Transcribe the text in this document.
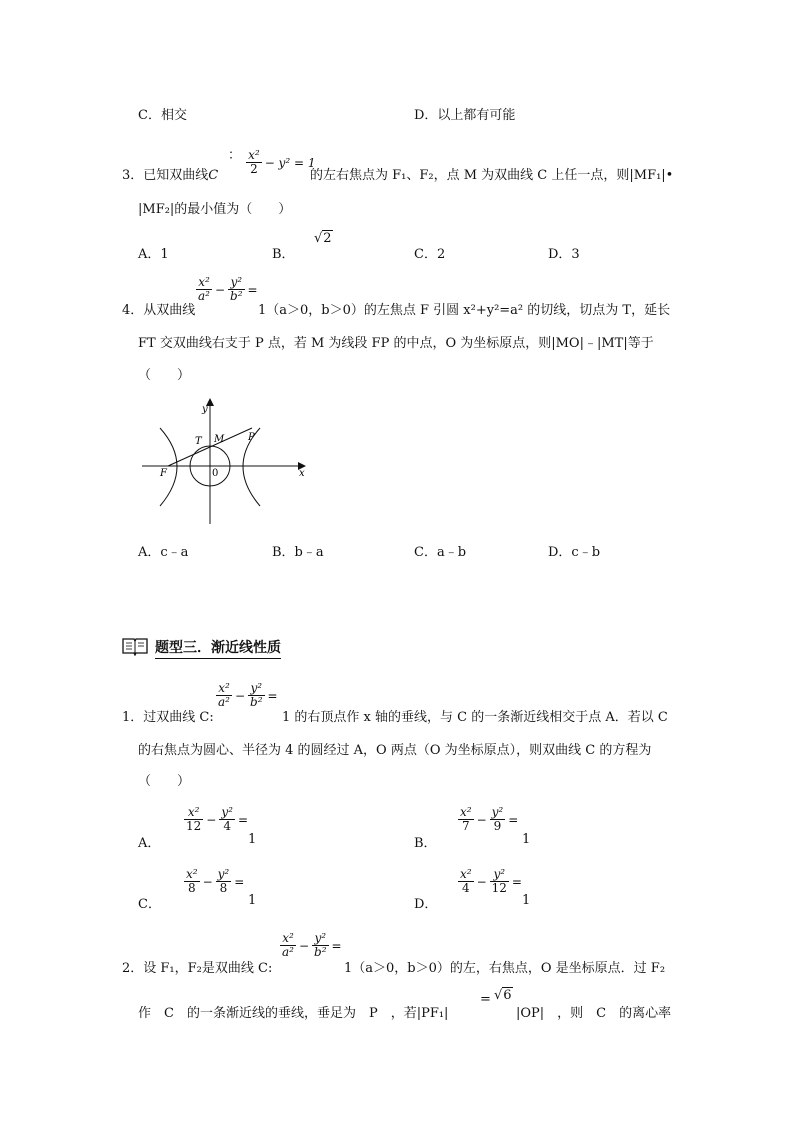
C．相交	D．以上都有可能
3．已知双曲线C
： $\frac{\text{x²}}{2} - y^2 = 1$
的左右焦点为 F₁、F₂，点 M 为双曲线 C 上任一点，则|MF₁|•
|MF₂|的最小值为（　　）
A．1	B．
√2
C．2	D．3
4．从双曲线
$\frac{\text{x²}}{\text{a²}} - \frac{\text{y²}}{\text{b²}}$ =
1（a＞0，b＞0）的左焦点 F 引圆 x²+y²=a² 的切线，切点为 T，延长
FT 交双曲线右支于 P 点，若 M 为线段 FP 的中点，O 为坐标原点，则|MO|﹣|MT|等于
（　　）
y
x
T M P
F	0
A．c﹣a	B．b﹣a	C．a﹣b	D．c﹣b
题型三．渐近线性质
1．过双曲线 C:
$\frac{\text{x²}}{\text{a²}} - \frac{\text{y²}}{\text{b²}}$ =
1 的右顶点作 x 轴的垂线，与 C 的一条渐近线相交于点 A．若以 C
的右焦点为圆心、半径为 4 的圆经过 A，O 两点（O 为坐标原点），则双曲线 C 的方程为
（　　）
A．
$\frac{\text{x²}}{12} - \frac{\text{y²}}{4}$ =
1	B．
$\frac{\text{x²}}{7} - \frac{\text{y²}}{9}$ =
1
C．
$\frac{\text{x²}}{8} - \frac{\text{y²}}{8}$ =
1	D．
$\frac{\text{x²}}{4} - \frac{\text{y²}}{12}$ =
1
2．设 F₁，F₂是双曲线 C:
$\frac{\text{x²}}{\text{a²}} - \frac{\text{y²}}{\text{b²}}$ =
1（a＞0，b＞0）的左，右焦点，O 是坐标原点．过 F₂
作　C　的一条渐近线的垂线，垂足为　P　，若|PF₁|
= √6
|OP|　，则　C　的离心率
